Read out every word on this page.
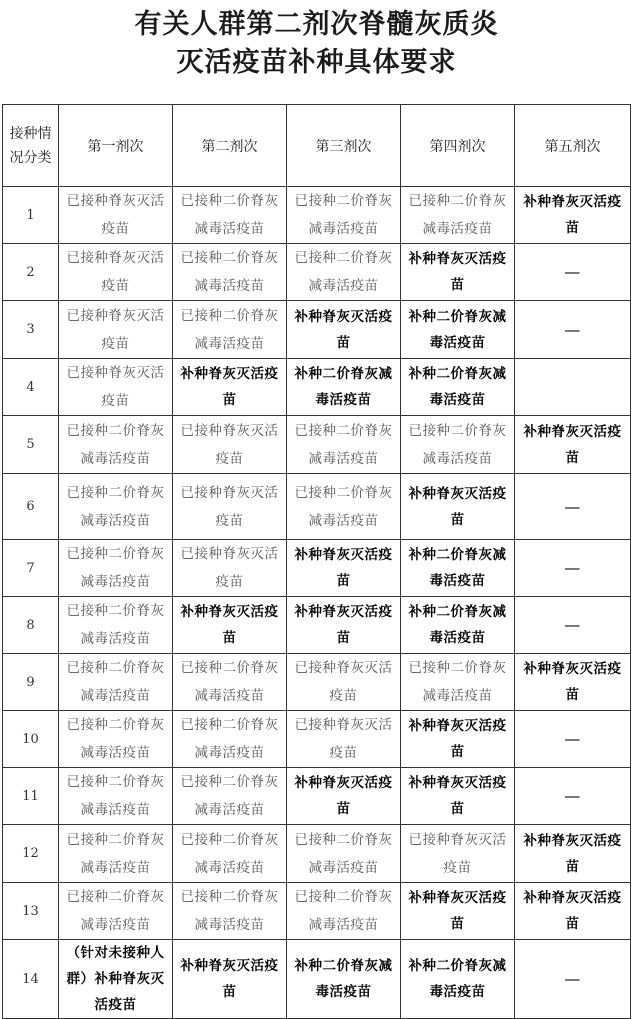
有关人群第二剂次脊髓灰质炎
灭活疫苗补种具体要求
接种情况分类	第一剂次	第二剂次	第三剂次	第四剂次	第五剂次
1	已接种脊灰灭活疫苗	已接种二价脊灰减毒活疫苗	已接种二价脊灰减毒活疫苗	已接种二价脊灰减毒活疫苗	补种脊灰灭活疫苗

2	已接种脊灰灭活疫苗	已接种二价脊灰减毒活疫苗	已接种二价脊灰减毒活疫苗	补种脊灰灭活疫苗	—

3	已接种脊灰灭活疫苗	已接种二价脊灰减毒活疫苗	补种脊灰灭活疫苗	补种二价脊灰减毒活疫苗	—

4	已接种脊灰灭活疫苗	补种脊灰灭活疫苗	补种二价脊灰减毒活疫苗	补种二价脊灰减毒活疫苗	

5	已接种二价脊灰减毒活疫苗	已接种脊灰灭活疫苗	已接种二价脊灰减毒活疫苗	已接种二价脊灰减毒活疫苗	补种脊灰灭活疫苗

6	已接种二价脊灰减毒活疫苗	已接种脊灰灭活疫苗	已接种二价脊灰减毒活疫苗	补种脊灰灭活疫苗	—

7	已接种二价脊灰减毒活疫苗	已接种脊灰灭活疫苗	补种脊灰灭活疫苗	补种二价脊灰减毒活疫苗	—

8	已接种二价脊灰减毒活疫苗	补种脊灰灭活疫苗	补种脊灰灭活疫苗	补种二价脊灰减毒活疫苗	—

9	已接种二价脊灰减毒活疫苗	已接种二价脊灰减毒活疫苗	已接种脊灰灭活疫苗	已接种二价脊灰减毒活疫苗	补种脊灰灭活疫苗

10	已接种二价脊灰减毒活疫苗	已接种二价脊灰减毒活疫苗	已接种脊灰灭活疫苗	补种脊灰灭活疫苗	—

11	已接种二价脊灰减毒活疫苗	已接种二价脊灰减毒活疫苗	补种脊灰灭活疫苗	补种脊灰灭活疫苗	—

12	已接种二价脊灰减毒活疫苗	已接种二价脊灰减毒活疫苗	已接种二价脊灰减毒活疫苗	已接种脊灰灭活疫苗	补种脊灰灭活疫苗

13	已接种二价脊灰减毒活疫苗	已接种二价脊灰减毒活疫苗	已接种二价脊灰减毒活疫苗	补种脊灰灭活疫苗	补种脊灰灭活疫苗

14	（针对未接种人群）补种脊灰灭活疫苗	补种脊灰灭活疫苗	补种二价脊灰减毒活疫苗	补种二价脊灰减毒活疫苗	—
